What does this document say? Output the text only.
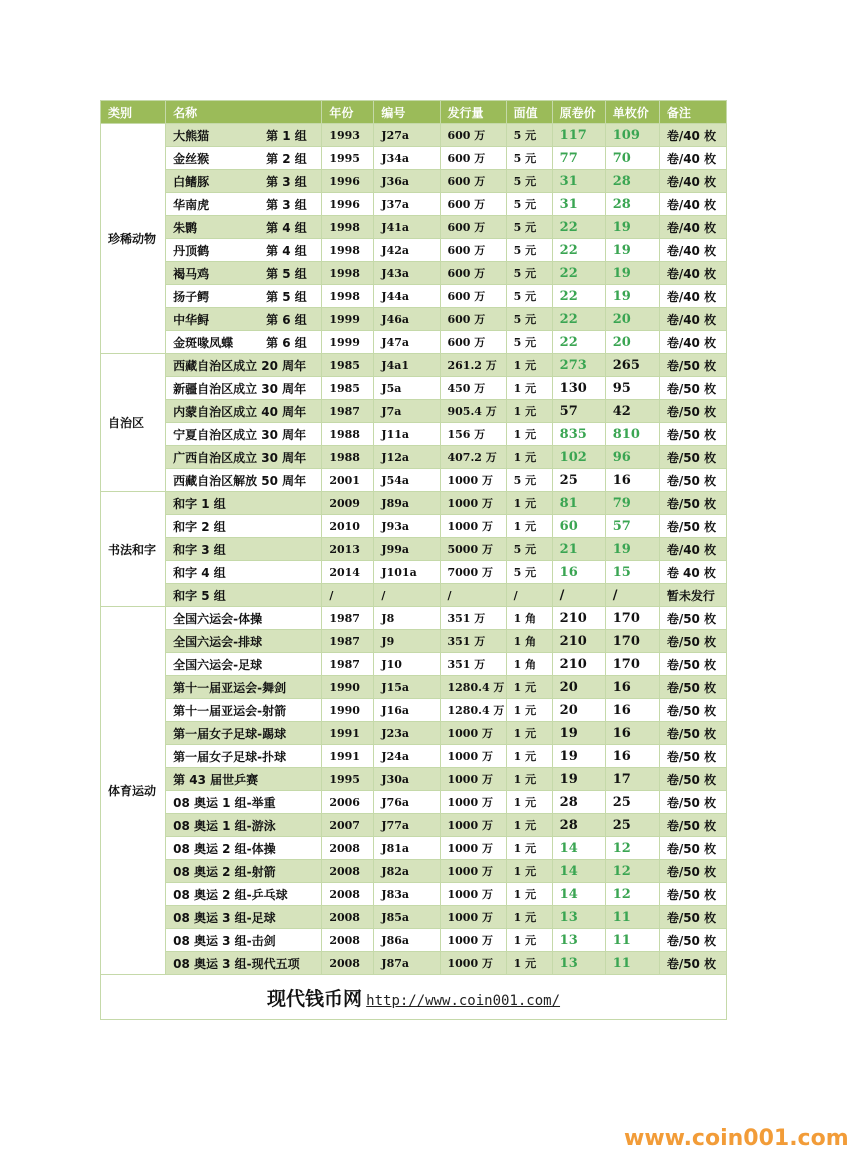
类别	名称	年份	编号	发行量	面值	原卷价	单枚价	备注
珍稀动物	大熊猫 第 1 组	1993	J27a	600 万	5 元	117	109	卷/40 枚
	金丝猴 第 2 组	1995	J34a	600 万	5 元	77	70	卷/40 枚
	白鳍豚 第 3 组	1996	J36a	600 万	5 元	31	28	卷/40 枚
	华南虎 第 3 组	1996	J37a	600 万	5 元	31	28	卷/40 枚
	朱鹮 第 4 组	1998	J41a	600 万	5 元	22	19	卷/40 枚
	丹顶鹤 第 4 组	1998	J42a	600 万	5 元	22	19	卷/40 枚
	褐马鸡 第 5 组	1998	J43a	600 万	5 元	22	19	卷/40 枚
	扬子鳄 第 5 组	1998	J44a	600 万	5 元	22	19	卷/40 枚
	中华鲟 第 6 组	1999	J46a	600 万	5 元	22	20	卷/40 枚
	金斑喙凤蝶 第 6 组	1999	J47a	600 万	5 元	22	20	卷/40 枚
自治区	西藏自治区成立 20 周年	1985	J4a1	261.2 万	1 元	273	265	卷/50 枚
	新疆自治区成立 30 周年	1985	J5a	450 万	1 元	130	95	卷/50 枚
	内蒙自治区成立 40 周年	1987	J7a	905.4 万	1 元	57	42	卷/50 枚
	宁夏自治区成立 30 周年	1988	J11a	156 万	1 元	835	810	卷/50 枚
	广西自治区成立 30 周年	1988	J12a	407.2 万	1 元	102	96	卷/50 枚
	西藏自治区解放 50 周年	2001	J54a	1000 万	5 元	25	16	卷/50 枚
书法和字	和字 1 组	2009	J89a	1000 万	1 元	81	79	卷/50 枚
	和字 2 组	2010	J93a	1000 万	1 元	60	57	卷/50 枚
	和字 3 组	2013	J99a	5000 万	5 元	21	19	卷/40 枚
	和字 4 组	2014	J101a	7000 万	5 元	16	15	卷 40 枚
	和字 5 组	/	/	/	/	/	/	暂未发行
体育运动	全国六运会-体操	1987	J8	351 万	1 角	210	170	卷/50 枚
	全国六运会-排球	1987	J9	351 万	1 角	210	170	卷/50 枚
	全国六运会-足球	1987	J10	351 万	1 角	210	170	卷/50 枚
	第十一届亚运会-舞剑	1990	J15a	1280.4 万	1 元	20	16	卷/50 枚
	第十一届亚运会-射箭	1990	J16a	1280.4 万	1 元	20	16	卷/50 枚
	第一届女子足球-踢球	1991	J23a	1000 万	1 元	19	16	卷/50 枚
	第一届女子足球-扑球	1991	J24a	1000 万	1 元	19	16	卷/50 枚
	第 43 届世乒赛	1995	J30a	1000 万	1 元	19	17	卷/50 枚
	08 奥运 1 组-举重	2006	J76a	1000 万	1 元	28	25	卷/50 枚
	08 奥运 1 组-游泳	2007	J77a	1000 万	1 元	28	25	卷/50 枚
	08 奥运 2 组-体操	2008	J81a	1000 万	1 元	14	12	卷/50 枚
	08 奥运 2 组-射箭	2008	J82a	1000 万	1 元	14	12	卷/50 枚
	08 奥运 2 组-乒乓球	2008	J83a	1000 万	1 元	14	12	卷/50 枚
	08 奥运 3 组-足球	2008	J85a	1000 万	1 元	13	11	卷/50 枚
	08 奥运 3 组-击剑	2008	J86a	1000 万	1 元	13	11	卷/50 枚
	08 奥运 3 组-现代五项	2008	J87a	1000 万	1 元	13	11	卷/50 枚
现代钱币网 http://www.coin001.com/								
www.coin001.com
